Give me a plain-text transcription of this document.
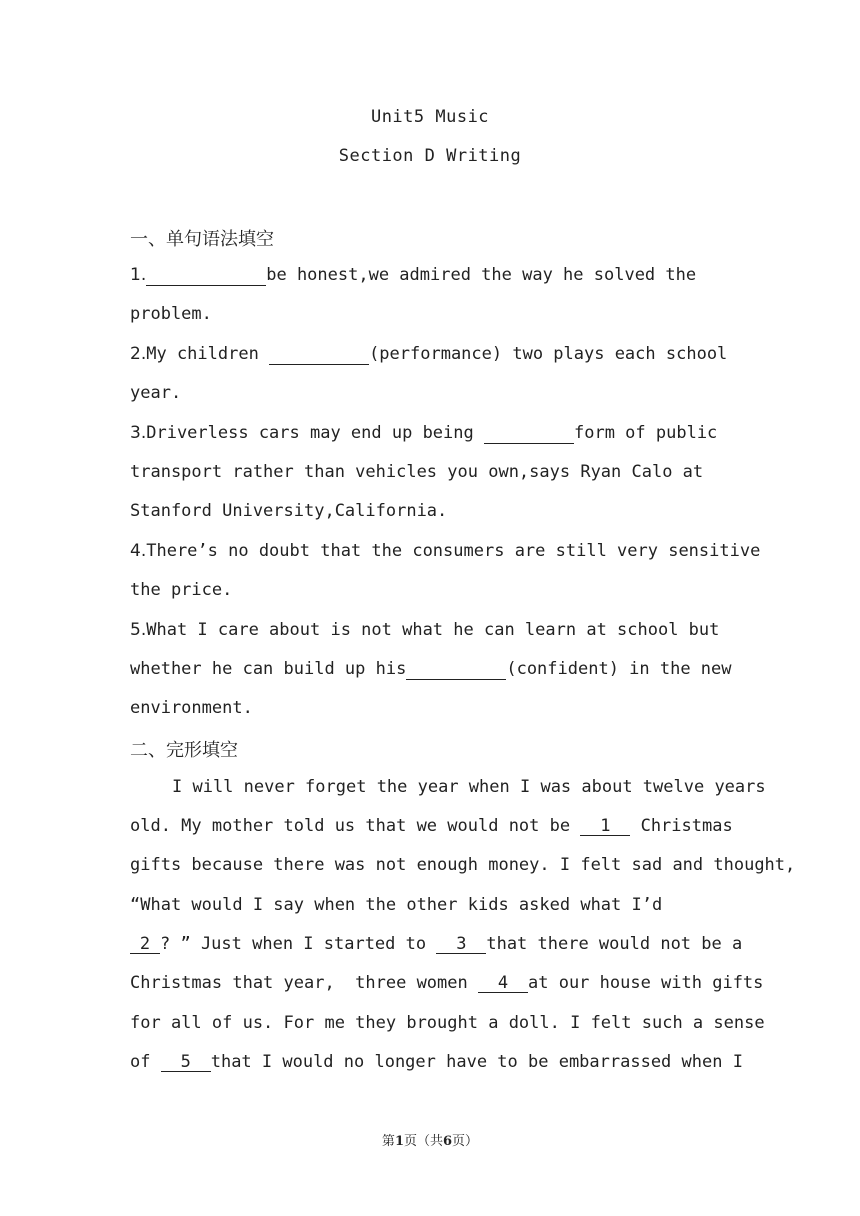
Unit5 Music
Section D Writing
一、单句语法填空
1.	be honest,we admired the way he solved the
problem.
2.My children	(performance) two plays each school
year.
3.Driverless cars may end up being	form of public
transport rather than vehicles you own,says Ryan Calo at
Stanford University,California.
4.There’s no doubt that the consumers are still very sensitive
the price.
5.What I care about is not what he can learn at school but
whether he can build up his	(confident) in the new
environment.
二、完形填空
I will never forget the year when I was about twelve years
old. My mother told us that we would not be 1 Christmas
gifts because there was not enough money. I felt sad and thought,
“What would I say when the other kids asked what I’d
2 ? ” Just when I started to 3 that there would not be a
Christmas that year,  three women 4 at our house with gifts
for all of us. For me they brought a doll. I felt such a sense
of 5 that I would no longer have to be embarrassed when I
第1页（共6页）
